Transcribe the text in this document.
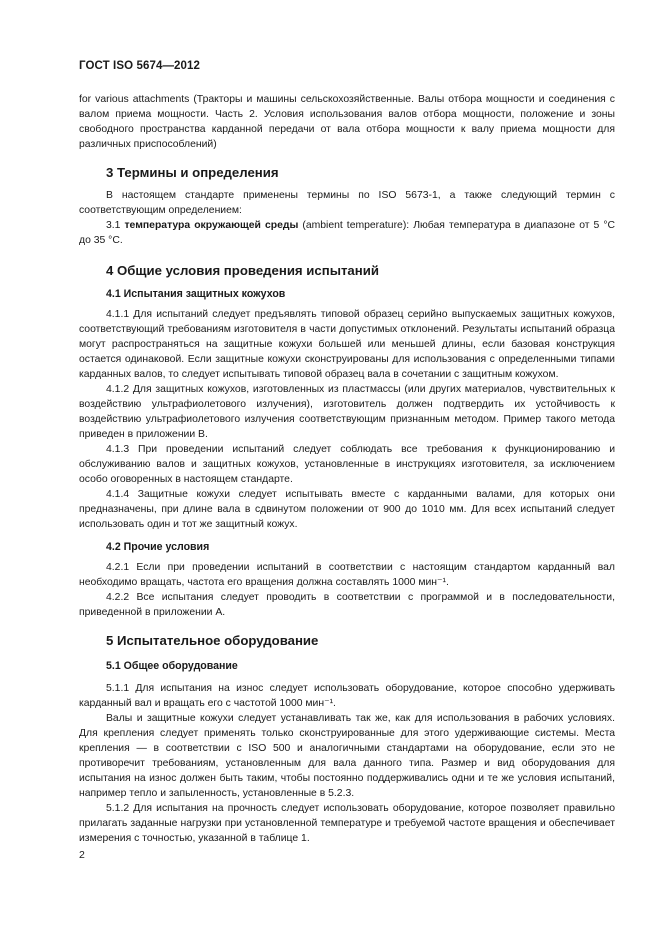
ГОСТ ISO 5674—2012

for various attachments (Тракторы и машины сельскохозяйственные. Валы отбора мощности и соединения с валом приема мощности. Часть 2. Условия использования валов отбора мощности, положение и зоны свободного пространства карданной передачи от вала отбора мощности к валу приема мощности для различных приспособлений)

3 Термины и определения

В настоящем стандарте применены термины по ISO 5673-1, а также следующий термин с соответствующим определением:

3.1 температура окружающей среды (ambient temperature): Любая температура в диапазоне от 5 °С до 35 °С.

4 Общие условия проведения испытаний
4.1 Испытания защитных кожухов

4.1.1 Для испытаний следует предъявлять типовой образец серийно выпускаемых защитных кожухов, соответствующий требованиям изготовителя в части допустимых отклонений. Результаты испытаний образца могут распространяться на защитные кожухи большей или меньшей длины, если базовая конструкция остается одинаковой. Если защитные кожухи сконструированы для использования с определенными типами карданных валов, то следует испытывать типовой образец вала в сочетании с защитным кожухом.

4.1.2 Для защитных кожухов, изготовленных из пластмассы (или других материалов, чувствительных к воздействию ультрафиолетового излучения), изготовитель должен подтвердить их устойчивость к воздействию ультрафиолетового излучения соответствующим признанным методом. Пример такого метода приведен в приложении В.

4.1.3 При проведении испытаний следует соблюдать все требования к функционированию и обслуживанию валов и защитных кожухов, установленные в инструкциях изготовителя, за исключением особо оговоренных в настоящем стандарте.

4.1.4 Защитные кожухи следует испытывать вместе с карданными валами, для которых они предназначены, при длине вала в сдвинутом положении от 900 до 1010 мм. Для всех испытаний следует использовать один и тот же защитный кожух.

4.2 Прочие условия

4.2.1 Если при проведении испытаний в соответствии с настоящим стандартом карданный вал необходимо вращать, частота его вращения должна составлять 1000 мин⁻¹.

4.2.2 Все испытания следует проводить в соответствии с программой и в последовательности, приведенной в приложении А.

5 Испытательное оборудование
5.1 Общее оборудование

5.1.1 Для испытания на износ следует использовать оборудование, которое способно удерживать карданный вал и вращать его с частотой 1000 мин⁻¹.

Валы и защитные кожухи следует устанавливать так же, как для использования в рабочих условиях. Для крепления следует применять только сконструированные для этого удерживающие системы. Места крепления — в соответствии с ISO 500 и аналогичными стандартами на оборудование, если это не противоречит требованиям, установленным для вала данного типа. Размер и вид оборудования для испытания на износ должен быть таким, чтобы постоянно поддерживались одни и те же условия испытаний, например тепло и запыленность, установленные в 5.2.3.

5.1.2 Для испытания на прочность следует использовать оборудование, которое позволяет правильно прилагать заданные нагрузки при установленной температуре и требуемой частоте вращения и обеспечивает измерения с точностью, указанной в таблице 1.

2
